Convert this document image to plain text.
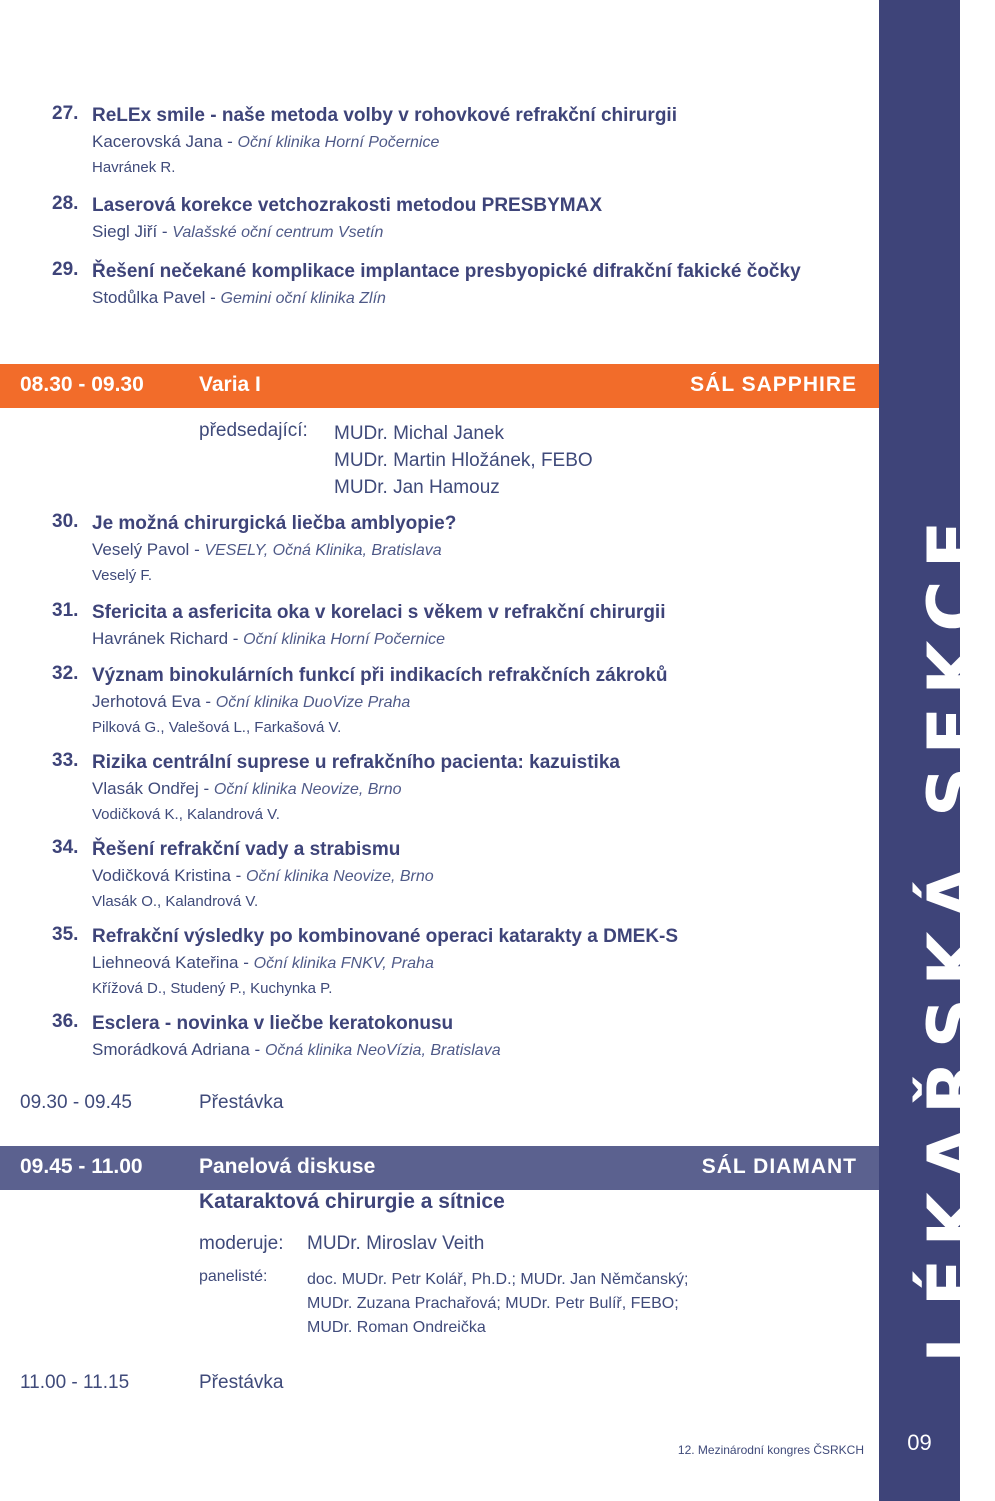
LÉKAŘSKÁ SEKCE
09
12. Mezinárodní kongres ČSRKCH
27. ReLEx smile - naše metoda volby v rohovkové refrakční chirurgii
Kacerovská Jana - Oční klinika Horní Počernice
Havránek R.
28. Laserová korekce vetchozrakosti metodou PRESBYMAX
Siegl Jiří - Valašské oční centrum Vsetín
29. Řešení nečekané komplikace implantace presbyopické difrakční fakické čočky
Stodůlka Pavel - Gemini oční klinika Zlín
08.30 - 09.30	Varia I	SÁL SAPPHIRE
předsedající: MUDr. Michal Janek
MUDr. Martin Hložánek, FEBO
MUDr. Jan Hamouz
30. Je možná chirurgická liečba amblyopie?
Veselý Pavol - VESELY, Očná Klinika, Bratislava
Veselý F.
31. Sfericita a asfericita oka v korelaci s věkem v refrakční chirurgii
Havránek Richard - Oční klinika Horní Počernice
32. Význam binokulárních funkcí při indikacích refrakčních zákroků
Jerhotová Eva - Oční klinika DuoVize Praha
Pilková G., Valešová L., Farkašová V.
33. Rizika centrální suprese u refrakčního pacienta: kazuistika
Vlasák Ondřej - Oční klinika Neovize, Brno
Vodičková K., Kalandrová V.
34. Řešení refrakční vady a strabismu
Vodičková Kristina - Oční klinika Neovize, Brno
Vlasák O., Kalandrová V.
35. Refrakční výsledky po kombinované operaci katarakty a DMEK-S
Liehneová Kateřina - Oční klinika FNKV, Praha
Křížová D., Studený P., Kuchynka P.
36. Esclera - novinka v liečbe keratokonusu
Smorádková Adriana - Očná klinika NeoVízia, Bratislava
09.30 - 09.45	Přestávka
09.45 - 11.00	Panelová diskuse	SÁL DIAMANT
Kataraktová chirurgie a sítnice
moderuje: MUDr. Miroslav Veith
panelisté: doc. MUDr. Petr Kolář, Ph.D.; MUDr. Jan Němčanský;
MUDr. Zuzana Prachařová; MUDr. Petr Bulíř, FEBO;
MUDr. Roman Ondreička
11.00 - 11.15	Přestávka
